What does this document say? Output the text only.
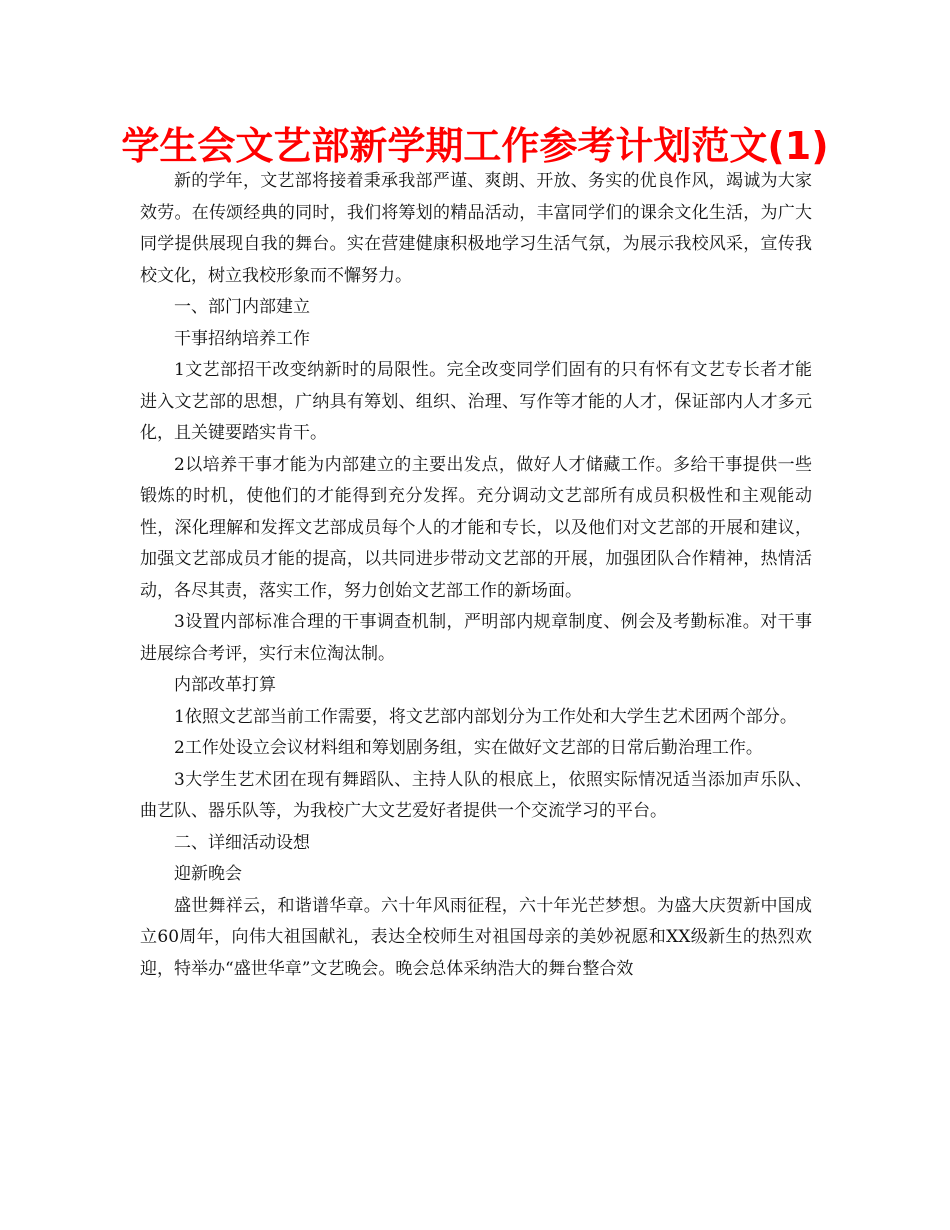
学生会文艺部新学期工作参考计划范文(1)

新的学年，文艺部将接着秉承我部严谨、爽朗、开放、务实的优良作风，竭诚为大家效劳。在传颂经典的同时，我们将筹划的精品活动，丰富同学们的课余文化生活，为广大同学提供展现自我的舞台。实在营建健康积极地学习生活气氛，为展示我校风采，宣传我校文化，树立我校形象而不懈努力。

一、部门内部建立

干事招纳培养工作

1文艺部招干改变纳新时的局限性。完全改变同学们固有的只有怀有文艺专长者才能进入文艺部的思想，广纳具有筹划、组织、治理、写作等才能的人才，保证部内人才多元化，且关键要踏实肯干。

2以培养干事才能为内部建立的主要出发点，做好人才储藏工作。多给干事提供一些锻炼的时机，使他们的才能得到充分发挥。充分调动文艺部所有成员积极性和主观能动性，深化理解和发挥文艺部成员每个人的才能和专长，以及他们对文艺部的开展和建议，加强文艺部成员才能的提高，以共同进步带动文艺部的开展，加强团队合作精神，热情活动，各尽其责，落实工作，努力创始文艺部工作的新场面。

3设置内部标准合理的干事调查机制，严明部内规章制度、例会及考勤标准。对干事进展综合考评，实行末位淘汰制。

内部改革打算

1依照文艺部当前工作需要，将文艺部内部划分为工作处和大学生艺术团两个部分。

2工作处设立会议材料组和筹划剧务组，实在做好文艺部的日常后勤治理工作。

3大学生艺术团在现有舞蹈队、主持人队的根底上，依照实际情况适当添加声乐队、曲艺队、器乐队等，为我校广大文艺爱好者提供一个交流学习的平台。

二、详细活动设想

迎新晚会

盛世舞祥云，和谐谱华章。六十年风雨征程，六十年光芒梦想。为盛大庆贺新中国成立60周年，向伟大祖国献礼，表达全校师生对祖国母亲的美妙祝愿和XX级新生的热烈欢迎，特举办“盛世华章”文艺晚会。晚会总体采纳浩大的舞台整合效
